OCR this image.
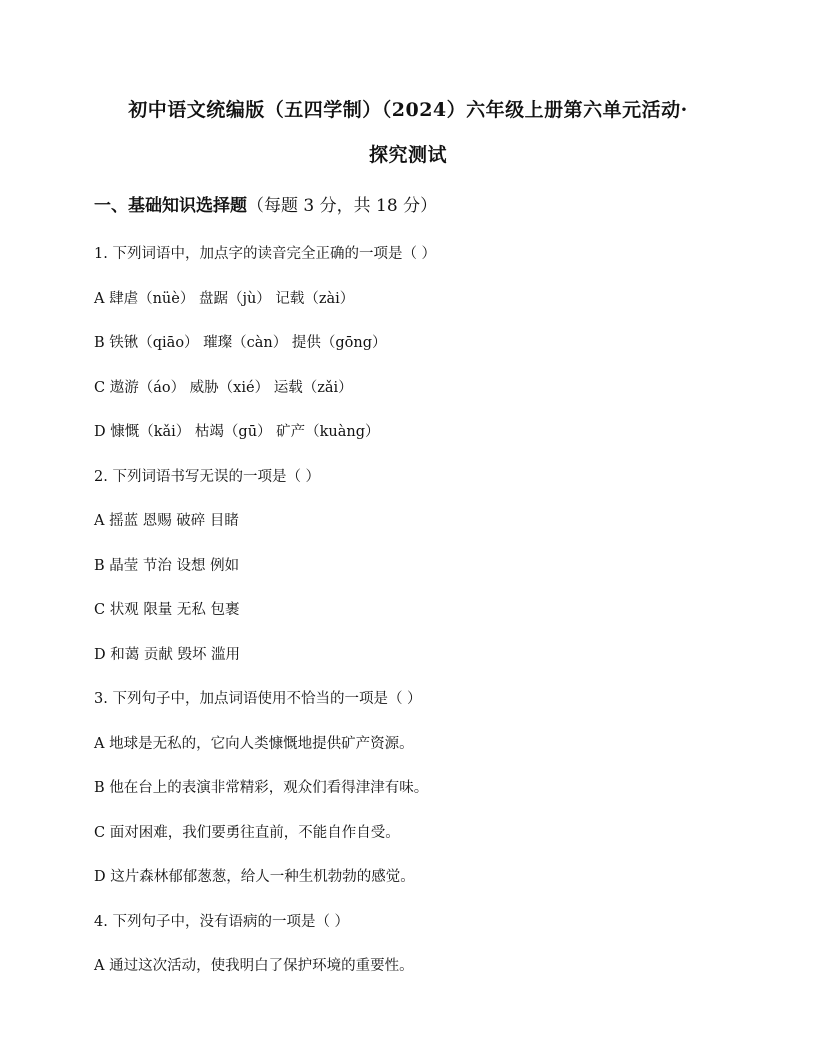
初中语文统编版（五四学制）（2024）六年级上册第六单元活动·
探究测试
一、基础知识选择题（每题 3 分，共 18 分）
1. 下列词语中，加点字的读音完全正确的一项是（ ）
A 肆虐（nüè） 盘踞（jù） 记载（zài）
B 铁锹（qiāo） 璀璨（càn） 提供（gōng）
C 遨游（áo） 威胁（xié） 运载（zǎi）
D 慷慨（kǎi） 枯竭（gū） 矿产（kuàng）
2. 下列词语书写无误的一项是（ ）
A 摇蓝 恩赐 破碎 目睹
B 晶莹 节治 设想 例如
C 状观 限量 无私 包裹
D 和蔼 贡献 毁坏 滥用
3. 下列句子中，加点词语使用不恰当的一项是（ ）
A 地球是无私的，它向人类慷慨地提供矿产资源。
B 他在台上的表演非常精彩，观众们看得津津有味。
C 面对困难，我们要勇往直前，不能自作自受。
D 这片森林郁郁葱葱，给人一种生机勃勃的感觉。
4. 下列句子中，没有语病的一项是（ ）
A 通过这次活动，使我明白了保护环境的重要性。
